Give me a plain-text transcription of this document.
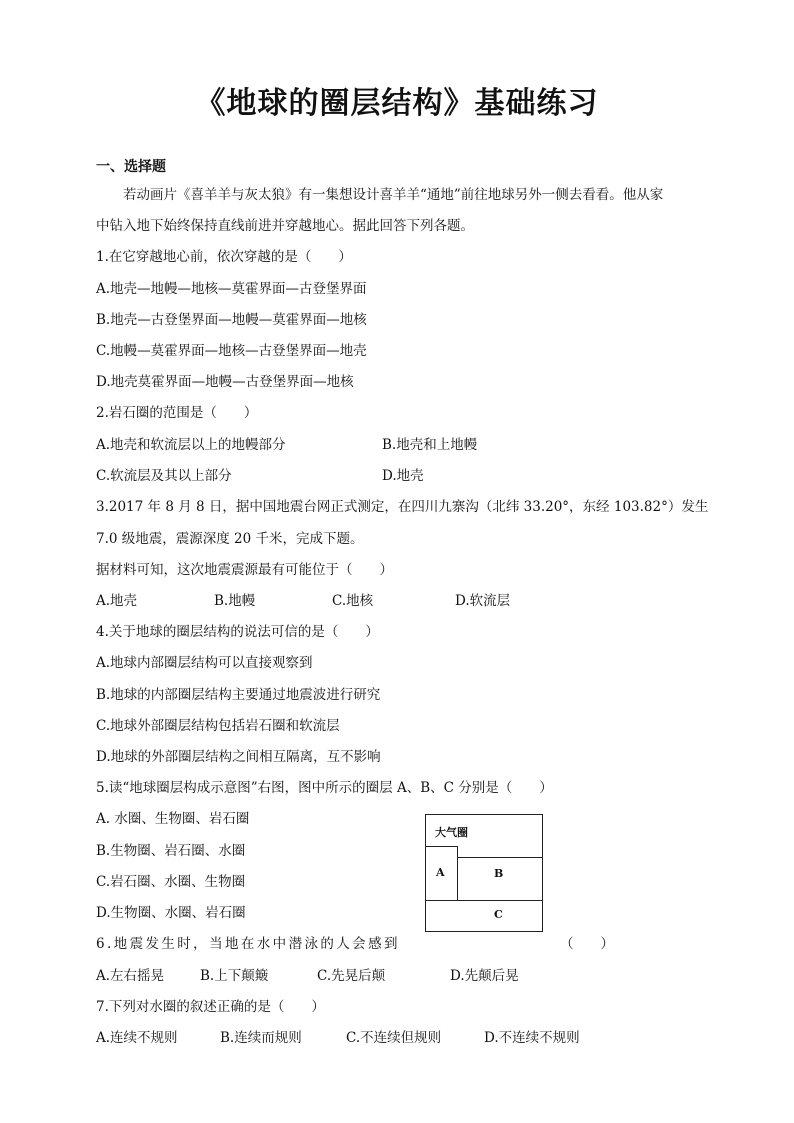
《地球的圈层结构》基础练习
一、选择题
若动画片《喜羊羊与灰太狼》有一集想设计喜羊羊“通地”前往地球另外一侧去看看。他从家
中钻入地下始终保持直线前进并穿越地心。据此回答下列各题。
1.在它穿越地心前，依次穿越的是（　　）
A.地壳—地幔—地核—莫霍界面—古登堡界面
B.地壳—古登堡界面—地幔—莫霍界面—地核
C.地幔—莫霍界面—地核—古登堡界面—地壳
D.地壳莫霍界面—地幔—古登堡界面—地核
2.岩石圈的范围是（　　）
A.地壳和软流层以上的地幔部分	B.地壳和上地幔
C.软流层及其以上部分	D.地壳
3.2017 年 8 月 8 日，据中国地震台网正式测定，在四川九寨沟（北纬 33.20°，东经 103.82°）发生
7.0 级地震，震源深度 20 千米，完成下题。
据材料可知，这次地震震源最有可能位于（　　）
A.地壳	B.地幔	C.地核	D.软流层
4.关于地球的圈层结构的说法可信的是（　　）
A.地球内部圈层结构可以直接观察到
B.地球的内部圈层结构主要通过地震波进行研究
C.地球外部圈层结构包括岩石圈和软流层
D.地球的外部圈层结构之间相互隔离，互不影响
5.读“地球圈层构成示意图”右图，图中所示的圈层 A、B、C 分别是（　　）
A. 水圈、生物圈、岩石圈
B.生物圈、岩石圈、水圈
C.岩石圈、水圈、生物圈
D.生物圈、水圈、岩石圈
大气圈
A	B
C
6.地震发生时，当地在水中潜泳的人会感到	（　　）
A.左右摇晃	B.上下颠簸	C.先晃后颠	D.先颠后晃
7.下列对水圈的叙述正确的是（　　）
A.连续不规则	B.连续而规则	C.不连续但规则	D.不连续不规则
